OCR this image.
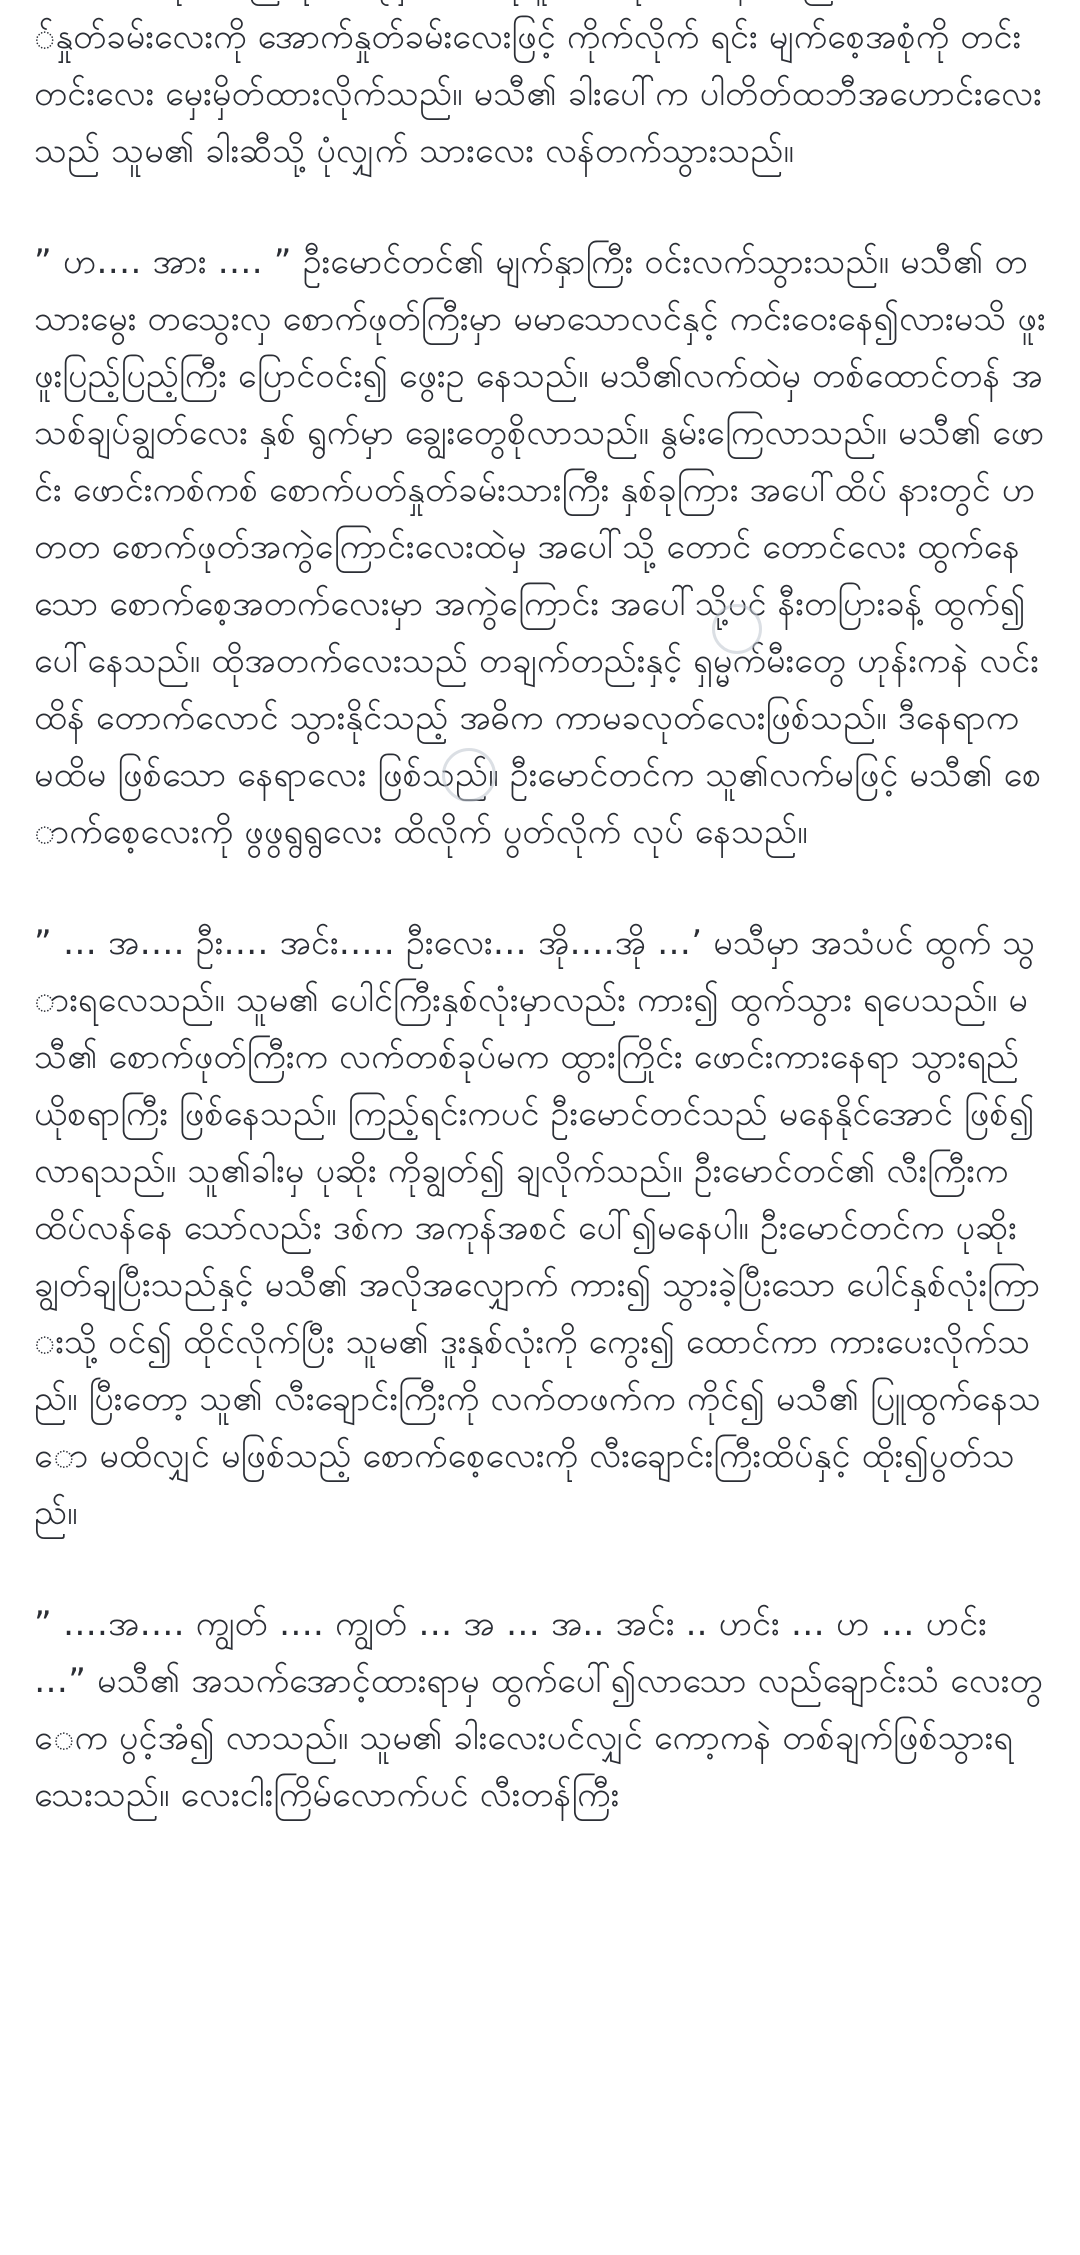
နှုတ်ခမ်းလေးကို အောက်နှုတ်ခမ်းလေးဖြင့် ကိုက်လိုက် ရင်း မျက်စေ့အစုံကို တင်းတင်းလေး မှေးမှိတ်ထားလိုက်သည်။ မသီ၏ ခါးပေါ်က ပါတိတ်ထဘီအဟောင်းလေးသည် သူမ၏ ခါးဆီသို့ ပုံလျှက် သားလေး လန်တက်သွားသည်။

” ဟ…. အား …. ” ဦးမောင်တင်၏ မျက်နှာကြီး ဝင်းလက်သွားသည်။ မသီ၏ တသားမွေး တသွေးလှ စောက်ဖုတ်ကြီးမှာ မမာသောလင်နှင့် ကင်းဝေးနေ၍လားမသိ ဖူးဖူးပြည့်ပြည့်ကြီး ပြောင်ဝင်း၍ ဖွေးဥ နေသည်။ မသီ၏လက်ထဲမှ တစ်ထောင်တန် အသစ်ချပ်ချွတ်လေး နှစ် ရွက်မှာ ချွေးတွေစိုလာသည်။ နွမ်းကြေလာသည်။ မသီ၏ ဖောင်း ဖောင်းကစ်ကစ် စောက်ပတ်နှုတ်ခမ်းသားကြီး နှစ်ခုကြား အပေါ်ထိပ် နားတွင် ဟတတ စောက်ဖုတ်အကွဲကြောင်းလေးထဲမှ အပေါ်သို့ တောင် တောင်လေး ထွက်နေသော စောက်စေ့အတက်လေးမှာ အကွဲကြောင်း အပေါ်သို့ပင် နီးတပြားခန့် ထွက်၍ ပေါ်နေသည်။ ထိုအတက်လေးသည် တချက်တည်းနှင့် ရှမ္မက်မီးတွေ ဟုန်းကနဲ လင်းထိန် တောက်လောင် သွားနိုင်သည့် အဓိက ကာမခလုတ်လေးဖြစ်သည်။ ဒီနေရာက မထိမ ဖြစ်သော နေရာလေး ဖြစ်သည်။ ဦးမောင်တင်က သူ၏လက်မဖြင့် မသီ၏ စောက်စေ့လေးကို ဖွဖွရွရွလေး ထိလိုက် ပွတ်လိုက် လုပ် နေသည်။

” … အ…. ဦး…. အင်း….. ဦးလေး… အို….အို …’ မသီမှာ အသံပင် ထွက် သွားရလေသည်။ သူမ၏ ပေါင်ကြီးနှစ်လုံးမှာလည်း ကား၍ ထွက်သွား ရပေသည်။ မသီ၏ စောက်ဖုတ်ကြီးက လက်တစ်ခုပ်မက ထွားကြိုင်း ဖောင်းကားနေရာ သွားရည်ယိုစရာကြီး ဖြစ်နေသည်။ ကြည့်ရင်းကပင် ဦးမောင်တင်သည် မနေနိုင်အောင် ဖြစ်၍လာရသည်။ သူ၏ခါးမှ ပုဆိုး ကိုချွတ်၍ ချလိုက်သည်။ ဦးမောင်တင်၏ လီးကြီးက ထိပ်လန်နေ သော်လည်း ဒစ်က အကုန်အစင် ပေါ်၍မနေပါ။ ဦးမောင်တင်က ပုဆိုး ချွတ်ချပြီးသည်နှင့် မသီ၏ အလိုအလျှောက် ကား၍ သွားခဲ့ပြီးသော ပေါင်နှစ်လုံးကြားသို့ ဝင်၍ ထိုင်လိုက်ပြီး သူမ၏ ဒူးနှစ်လုံးကို ကွေး၍ ထောင်ကာ ကားပေးလိုက်သည်။ ပြီးတော့ သူ၏ လီးချောင်းကြီးကို လက်တဖက်က ကိုင်၍ မသီ၏ ပြူထွက်နေသော မထိလျှင် မဖြစ်သည့် စောက်စေ့လေးကို လီးချောင်းကြီးထိပ်နှင့် ထိုး၍ပွတ်သည်။

” ….အ…. ကျွတ် …. ကျွတ် … အ … အ.. အင်း .. ဟင်း … ဟ … ဟင်း …” မသီ၏ အသက်အောင့်ထားရာမှ ထွက်ပေါ်၍လာသော လည်ချောင်းသံ လေးတွေက ပွင့်အံ၍ လာသည်။ သူမ၏ ခါးလေးပင်လျှင် ကော့ကနဲ တစ်ချက်ဖြစ်သွားရသေးသည်။ လေးငါးကြိမ်လောက်ပင် လီးတန်ကြီး
